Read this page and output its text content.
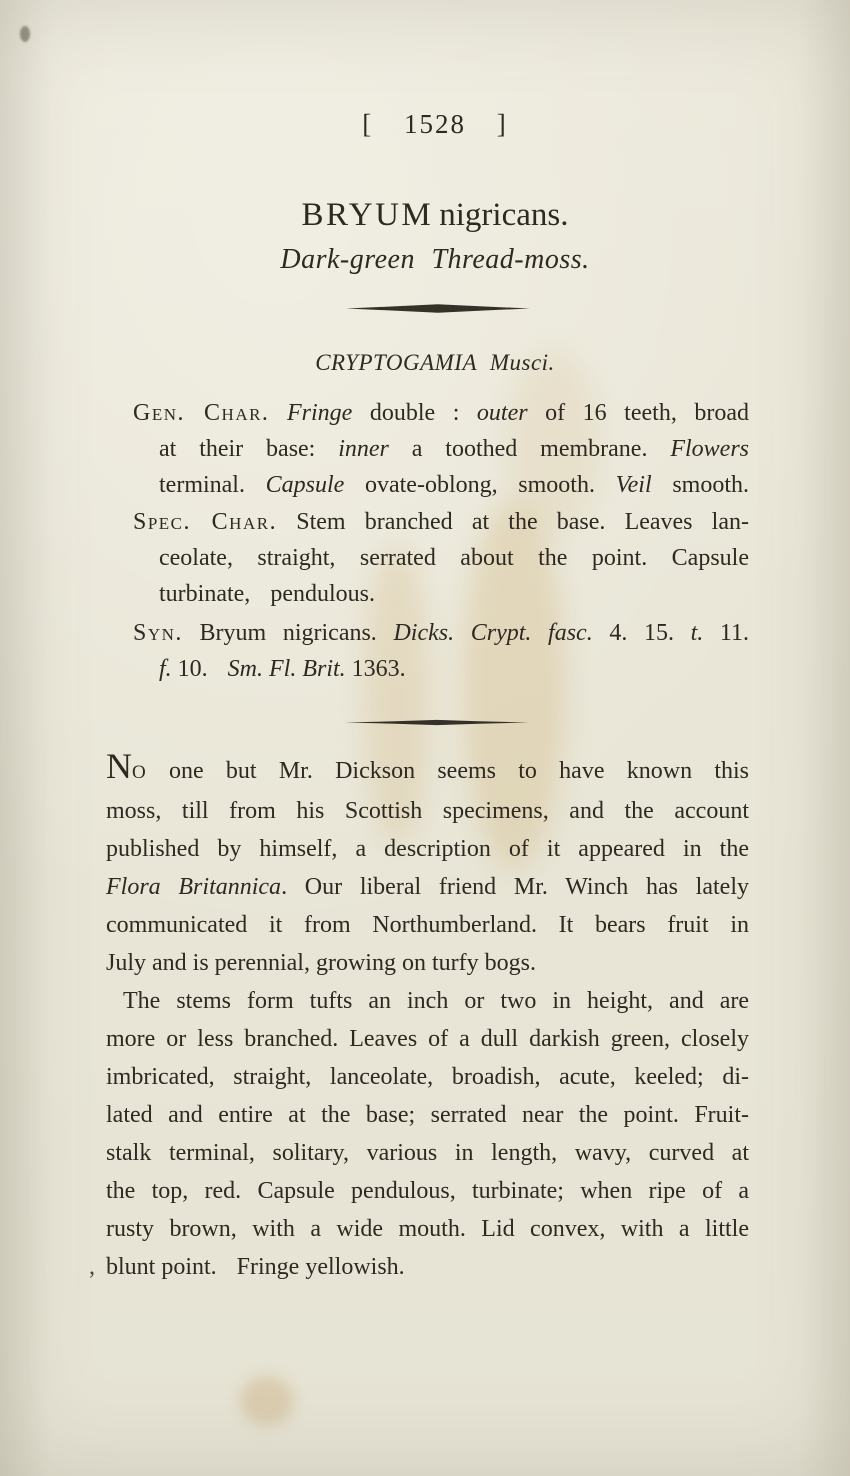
[ 1528 ]
BRYUM nigricans.
Dark-green Thread-moss.
CRYPTOGAMIA Musci.
Gen. Char. Fringe double : outer of 16 teeth, broad
at their base: inner a toothed membrane. Flowers
terminal. Capsule ovate-oblong, smooth. Veil smooth.
Spec. Char. Stem branched at the base. Leaves lan-
ceolate, straight, serrated about the point. Capsule
turbinate, pendulous.
Syn. Bryum nigricans. Dicks. Crypt. fasc. 4. 15. t. 11.
f. 10. Sm. Fl. Brit. 1363.
NO one but Mr. Dickson seems to have known this
moss, till from his Scottish specimens, and the account
published by himself, a description of it appeared in the
Flora Britannica. Our liberal friend Mr. Winch has lately
communicated it from Northumberland. It bears fruit in
July and is perennial, growing on turfy bogs.
The stems form tufts an inch or two in height, and are
more or less branched. Leaves of a dull darkish green, closely
imbricated, straight, lanceolate, broadish, acute, keeled; di-
lated and entire at the base; serrated near the point. Fruit-
stalk terminal, solitary, various in length, wavy, curved at
the top, red. Capsule pendulous, turbinate; when ripe of a
rusty brown, with a wide mouth. Lid convex, with a little
, blunt point. Fringe yellowish.
